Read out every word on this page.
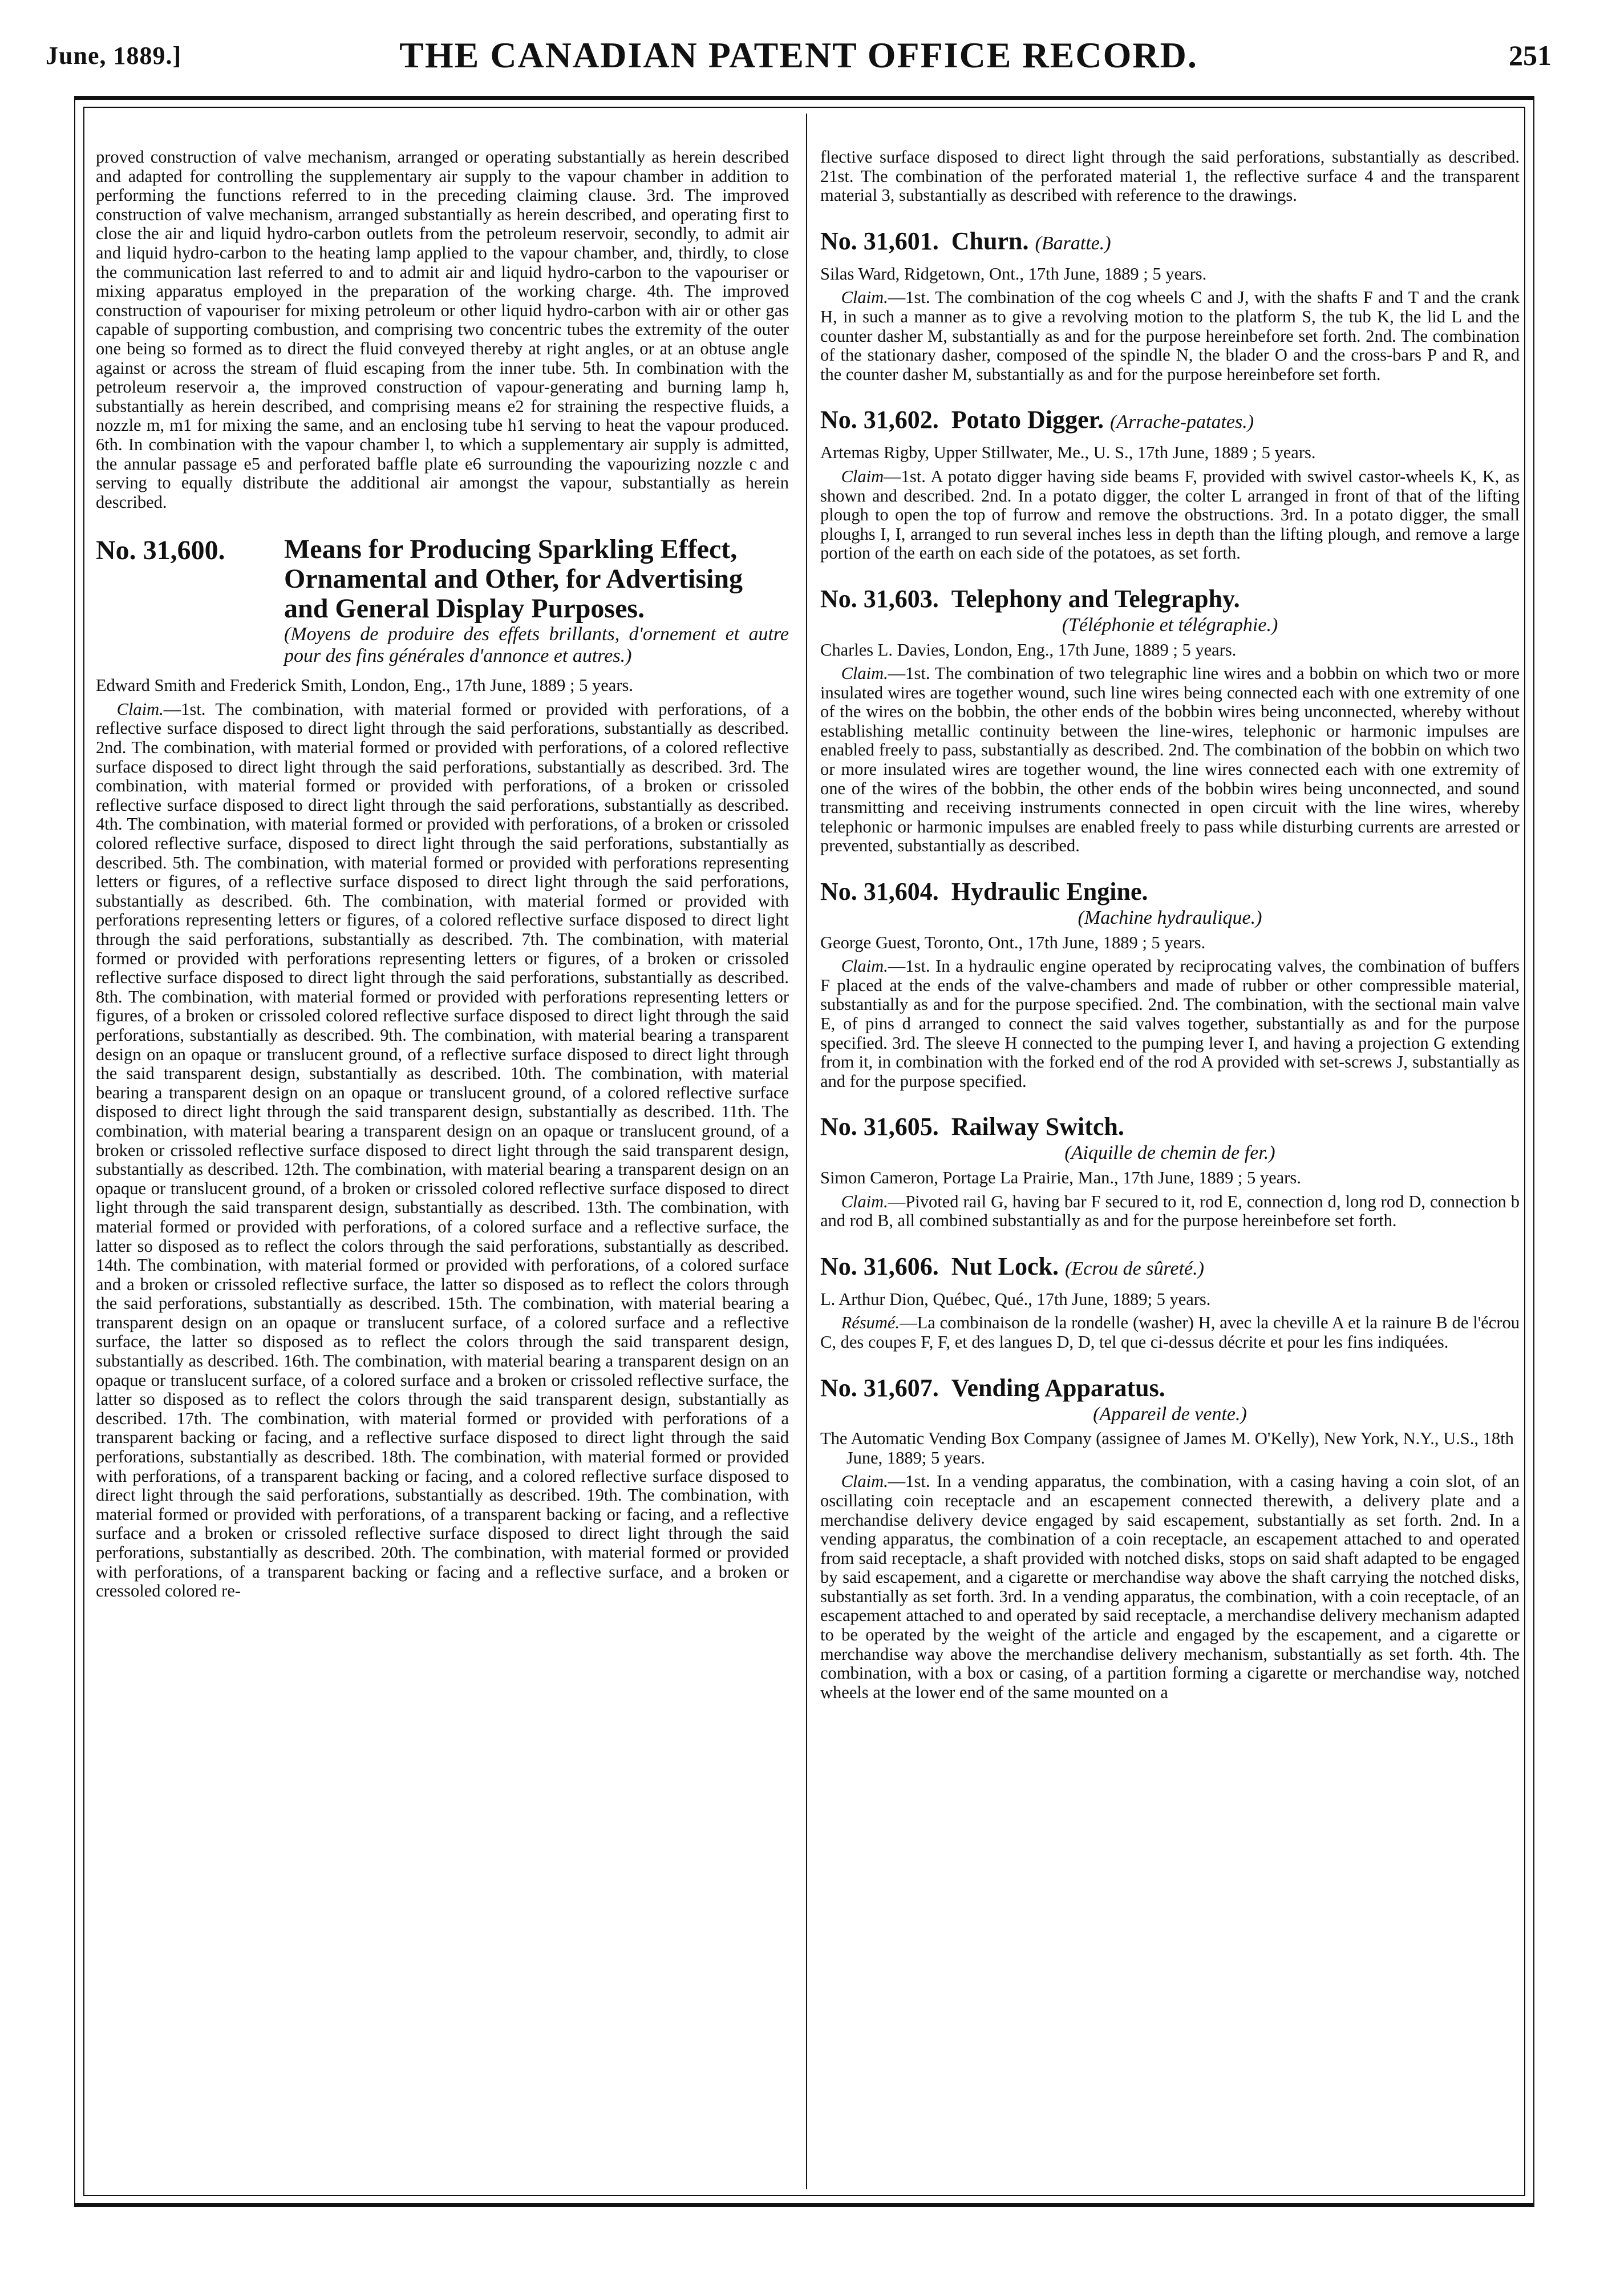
June, 1889.]	THE CANADIAN PATENT OFFICE RECORD.	251

proved construction of valve mechanism, arranged or operating substantially as herein described and adapted for controlling the supplementary air supply to the vapour chamber in addition to performing the functions referred to in the preceding claiming clause. 3rd. The improved construction of valve mechanism, arranged substantially as herein described, and operating first to close the air and liquid hydro-carbon outlets from the petroleum reservoir, secondly, to admit air and liquid hydro-carbon to the heating lamp applied to the vapour chamber, and, thirdly, to close the communication last referred to and to admit air and liquid hydro-carbon to the vapouriser or mixing apparatus employed in the preparation of the working charge. 4th. The improved construction of vapouriser for mixing petroleum or other liquid hydro-carbon with air or other gas capable of supporting combustion, and comprising two concentric tubes the extremity of the outer one being so formed as to direct the fluid conveyed thereby at right angles, or at an obtuse angle against or across the stream of fluid escaping from the inner tube. 5th. In combination with the petroleum reservoir a, the improved construction of vapour-generating and burning lamp h, substantially as herein described, and comprising means e2 for straining the respective fluids, a nozzle m, m1 for mixing the same, and an enclosing tube h1 serving to heat the vapour produced. 6th. In combination with the vapour chamber l, to which a supplementary air supply is admitted, the annular passage e5 and perforated baffle plate e6 surrounding the vapourizing nozzle c and serving to equally distribute the additional air amongst the vapour, substantially as herein described.

No. 31,600.	Means for Producing Sparkling Effect, Ornamental and Other, for Advertising and General Display Purposes.
(Moyens de produire des effets brillants, d'ornement et autre pour des fins générales d'annonce et autres.)

Edward Smith and Frederick Smith, London, Eng., 17th June, 1889 ; 5 years.

Claim.—1st. The combination, with material formed or provided with perforations, of a reflective surface disposed to direct light through the said perforations, substantially as described. 2nd. The combination, with material formed or provided with perforations, of a colored reflective surface disposed to direct light through the said perforations, substantially as described. 3rd. The combination, with material formed or provided with perforations, of a broken or crissoled reflective surface disposed to direct light through the said perforations, substantially as described. 4th. The combination, with material formed or provided with perforations, of a broken or crissoled colored reflective surface, disposed to direct light through the said perforations, substantially as described. 5th. The combination, with material formed or provided with perforations representing letters or figures, of a reflective surface disposed to direct light through the said perforations, substantially as described. 6th. The combination, with material formed or provided with perforations representing letters or figures, of a colored reflective surface disposed to direct light through the said perforations, substantially as described. 7th. The combination, with material formed or provided with perforations representing letters or figures, of a broken or crissoled reflective surface disposed to direct light through the said perforations, substantially as described. 8th. The combination, with material formed or provided with perforations representing letters or figures, of a broken or crissoled colored reflective surface disposed to direct light through the said perforations, substantially as described. 9th. The combination, with material bearing a transparent design on an opaque or translucent ground, of a reflective surface disposed to direct light through the said transparent design, substantially as described. 10th. The combination, with material bearing a transparent design on an opaque or translucent ground, of a colored reflective surface disposed to direct light through the said transparent design, substantially as described. 11th. The combination, with material bearing a transparent design on an opaque or translucent ground, of a broken or crissoled reflective surface disposed to direct light through the said transparent design, substantially as described. 12th. The combination, with material bearing a transparent design on an opaque or translucent ground, of a broken or crissoled colored reflective surface disposed to direct light through the said transparent design, substantially as described. 13th. The combination, with material formed or provided with perforations, of a colored surface and a reflective surface, the latter so disposed as to reflect the colors through the said perforations, substantially as described. 14th. The combination, with material formed or provided with perforations, of a colored surface and a broken or crissoled reflective surface, the latter so disposed as to reflect the colors through the said perforations, substantially as described. 15th. The combination, with material bearing a transparent design on an opaque or translucent surface, of a colored surface and a reflective surface, the latter so disposed as to reflect the colors through the said transparent design, substantially as described. 16th. The combination, with material bearing a transparent design on an opaque or translucent surface, of a colored surface and a broken or crissoled reflective surface, the latter so disposed as to reflect the colors through the said transparent design, substantially as described. 17th. The combination, with material formed or provided with perforations of a transparent backing or facing, and a reflective surface disposed to direct light through the said perforations, substantially as described. 18th. The combination, with material formed or provided with perforations, of a transparent backing or facing, and a colored reflective surface disposed to direct light through the said perforations, substantially as described. 19th. The combination, with material formed or provided with perforations, of a transparent backing or facing, and a reflective surface and a broken or crissoled reflective surface disposed to direct light through the said perforations, substantially as described. 20th. The combination, with material formed or provided with perforations, of a transparent backing or facing and a reflective surface, and a broken or cressoled colored re-

flective surface disposed to direct light through the said perforations, substantially as described. 21st. The combination of the perforated material 1, the reflective surface 4 and the transparent material 3, substantially as described with reference to the drawings.

No. 31,601. Churn. (Baratte.)

Silas Ward, Ridgetown, Ont., 17th June, 1889 ; 5 years.

Claim.—1st. The combination of the cog wheels C and J, with the shafts F and T and the crank H, in such a manner as to give a revolving motion to the platform S, the tub K, the lid L and the counter dasher M, substantially as and for the purpose hereinbefore set forth. 2nd. The combination of the stationary dasher, composed of the spindle N, the blader O and the cross-bars P and R, and the counter dasher M, substantially as and for the purpose hereinbefore set forth.

No. 31,602. Potato Digger. (Arrache-patates.)

Artemas Rigby, Upper Stillwater, Me., U. S., 17th June, 1889 ; 5 years.

Claim—1st. A potato digger having side beams F, provided with swivel castor-wheels K, K, as shown and described. 2nd. In a potato digger, the colter L arranged in front of that of the lifting plough to open the top of furrow and remove the obstructions. 3rd. In a potato digger, the small ploughs I, I, arranged to run several inches less in depth than the lifting plough, and remove a large portion of the earth on each side of the potatoes, as set forth.

No. 31,603. Telephony and Telegraphy.
(Téléphonie et télégraphie.)

Charles L. Davies, London, Eng., 17th June, 1889 ; 5 years.

Claim.—1st. The combination of two telegraphic line wires and a bobbin on which two or more insulated wires are together wound, such line wires being connected each with one extremity of one of the wires on the bobbin, the other ends of the bobbin wires being unconnected, whereby without establishing metallic continuity between the line-wires, telephonic or harmonic impulses are enabled freely to pass, substantially as described. 2nd. The combination of the bobbin on which two or more insulated wires are together wound, the line wires connected each with one extremity of one of the wires of the bobbin, the other ends of the bobbin wires being unconnected, and sound transmitting and receiving instruments connected in open circuit with the line wires, whereby telephonic or harmonic impulses are enabled freely to pass while disturbing currents are arrested or prevented, substantially as described.

No. 31,604. Hydraulic Engine.
(Machine hydraulique.)

George Guest, Toronto, Ont., 17th June, 1889 ; 5 years.

Claim.—1st. In a hydraulic engine operated by reciprocating valves, the combination of buffers F placed at the ends of the valve-chambers and made of rubber or other compressible material, substantially as and for the purpose specified. 2nd. The combination, with the sectional main valve E, of pins d arranged to connect the said valves together, substantially as and for the purpose specified. 3rd. The sleeve H connected to the pumping lever I, and having a projection G extending from it, in combination with the forked end of the rod A provided with set-screws J, substantially as and for the purpose specified.

No. 31,605. Railway Switch.
(Aiquille de chemin de fer.)

Simon Cameron, Portage La Prairie, Man., 17th June, 1889 ; 5 years.

Claim.—Pivoted rail G, having bar F secured to it, rod E, connection d, long rod D, connection b and rod B, all combined substantially as and for the purpose hereinbefore set forth.

No. 31,606. Nut Lock. (Ecrou de sûreté.)

L. Arthur Dion, Québec, Qué., 17th June, 1889; 5 years.

Résumé.—La combinaison de la rondelle (washer) H, avec la cheville A et la rainure B de l'écrou C, des coupes F, F, et des langues D, D, tel que ci-dessus décrite et pour les fins indiquées.

No. 31,607. Vending Apparatus.
(Appareil de vente.)

The Automatic Vending Box Company (assignee of James M. O'Kelly), New York, N.Y., U.S., 18th June, 1889; 5 years.

Claim.—1st. In a vending apparatus, the combination, with a casing having a coin slot, of an oscillating coin receptacle and an escapement connected therewith, a delivery plate and a merchandise delivery device engaged by said escapement, substantially as set forth. 2nd. In a vending apparatus, the combination of a coin receptacle, an escapement attached to and operated from said receptacle, a shaft provided with notched disks, stops on said shaft adapted to be engaged by said escapement, and a cigarette or merchandise way above the shaft carrying the notched disks, substantially as set forth. 3rd. In a vending apparatus, the combination, with a coin receptacle, of an escapement attached to and operated by said receptacle, a merchandise delivery mechanism adapted to be operated by the weight of the article and engaged by the escapement, and a cigarette or merchandise way above the merchandise delivery mechanism, substantially as set forth. 4th. The combination, with a box or casing, of a partition forming a cigarette or merchandise way, notched wheels at the lower end of the same mounted on a
